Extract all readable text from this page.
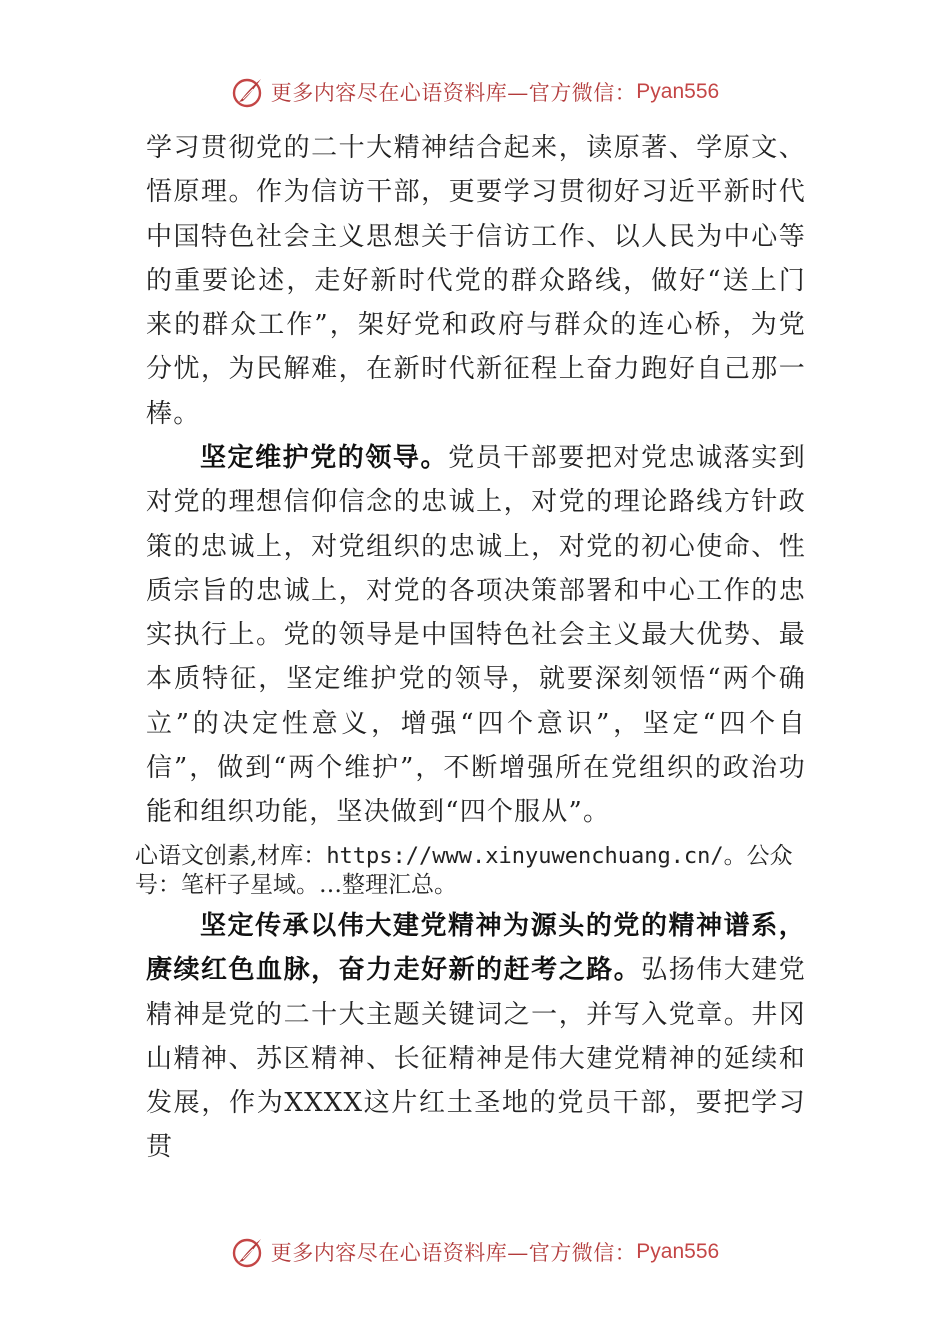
更多内容尽在心语资料库—官方微信： Pyan556

学习贯彻党的二十大精神结合起来，读原著、学原文、悟原理。作为信访干部，更要学习贯彻好习近平新时代中国特色社会主义思想关于信访工作、以人民为中心等的重要论述，走好新时代党的群众路线，做好“送上门来的群众工作”，架好党和政府与群众的连心桥，为党分忧，为民解难，在新时代新征程上奋力跑好自己那一棒。

坚定维护党的领导。党员干部要把对党忠诚落实到对党的理想信仰信念的忠诚上，对党的理论路线方针政策的忠诚上，对党组织的忠诚上，对党的初心使命、性质宗旨的忠诚上，对党的各项决策部署和中心工作的忠实执行上。党的领导是中国特色社会主义最大优势、最本质特征，坚定维护党的领导，就要深刻领悟“两个确立”的决定性意义，增强“四个意识”，坚定“四个自信”，做到“两个维护”，不断增强所在党组织的政治功能和组织功能，坚决做到“四个服从”。

心语文创素,材库：https://www.xinyuwenchuang.cn/。公众号：笔杆子星域。…整理汇总。

坚定传承以伟大建党精神为源头的党的精神谱系，赓续红色血脉，奋力走好新的赶考之路。弘扬伟大建党精神是党的二十大主题关键词之一，并写入党章。井冈山精神、苏区精神、长征精神是伟大建党精神的延续和发展，作为XXXX这片红土圣地的党员干部，要把学习贯

更多内容尽在心语资料库—官方微信： Pyan556
